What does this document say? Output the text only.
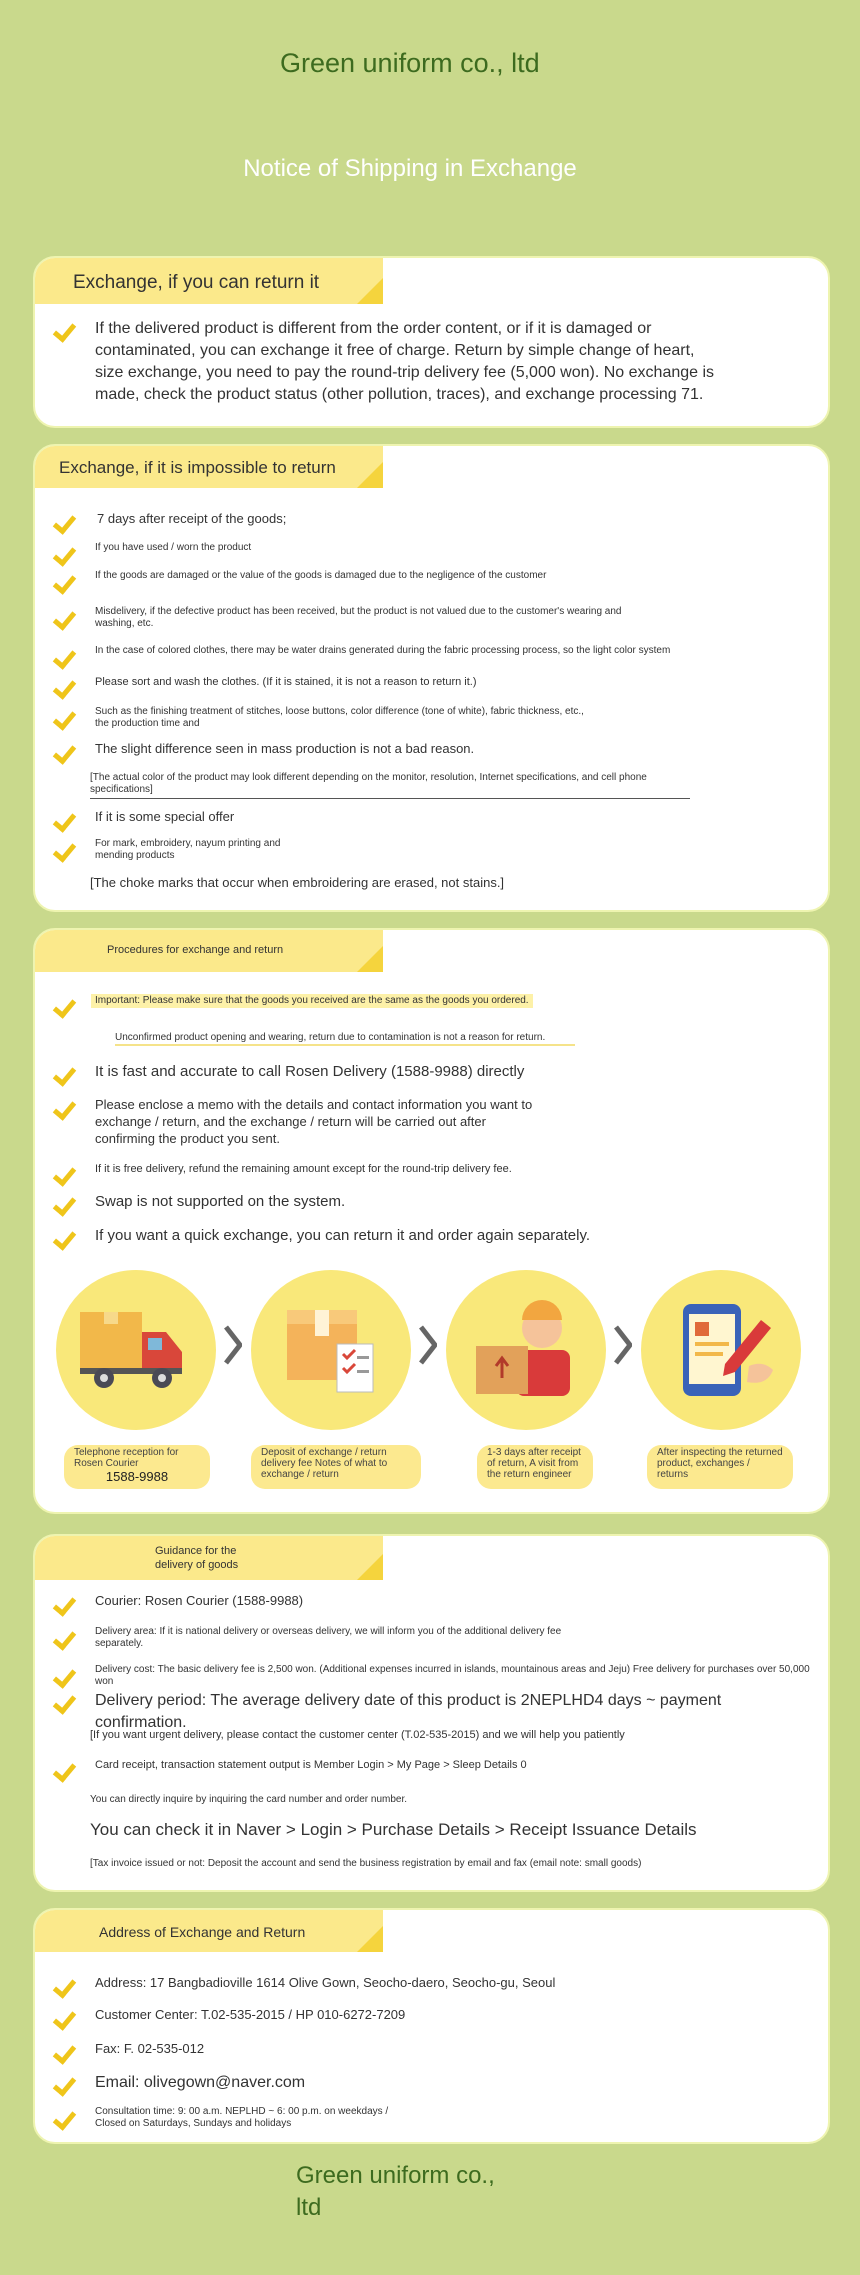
Green uniform co., ltd
Notice of Shipping in Exchange
Exchange, if you can return it
If the delivered product is different from the order content, or if it is damaged or contaminated, you can exchange it free of charge. Return by simple change of heart, size exchange, you need to pay the round-trip delivery fee (5,000 won). No exchange is made, check the product status (other pollution, traces), and exchange processing 71.
Exchange, if it is impossible to return
7 days after receipt of the goods;
If you have used / worn the product
If the goods are damaged or the value of the goods is damaged due to the negligence of the customer
Misdelivery, if the defective product has been received, but the product is not valued due to the customer's wearing and washing, etc.
In the case of colored clothes, there may be water drains generated during the fabric processing process, so the light color system
Please sort and wash the clothes. (If it is stained, it is not a reason to return it.)
Such as the finishing treatment of stitches, loose buttons, color difference (tone of white), fabric thickness, etc., the production time and
The slight difference seen in mass production is not a bad reason.
[The actual color of the product may look different depending on the monitor, resolution, Internet specifications, and cell phone specifications]
If it is some special offer
For mark, embroidery, nayum printing and mending products
[The choke marks that occur when embroidering are erased, not stains.]
Procedures for exchange and return
Important: Please make sure that the goods you received are the same as the goods you ordered.
Unconfirmed product opening and wearing, return due to contamination is not a reason for return.
It is fast and accurate to call Rosen Delivery (1588-9988) directly
Please enclose a memo with the details and contact information you want to exchange / return, and the exchange / return will be carried out after confirming the product you sent.
If it is free delivery, refund the remaining amount except for the round-trip delivery fee.
Swap is not supported on the system.
If you want a quick exchange, you can return it and order again separately.
Telephone reception for Rosen Courier
1588-9988
Deposit of exchange / return delivery fee Notes of what to exchange / return
1-3 days after receipt of return, A visit from the return engineer
After inspecting the returned product, exchanges / returns
Guidance for the delivery of goods
Courier: Rosen Courier (1588-9988)
Delivery area: If it is national delivery or overseas delivery, we will inform you of the additional delivery fee separately.
Delivery cost: The basic delivery fee is 2,500 won. (Additional expenses incurred in islands, mountainous areas and Jeju) Free delivery for purchases over 50,000 won
Delivery period: The average delivery date of this product is 2NEPLHD4 days ~ payment confirmation.
[If you want urgent delivery, please contact the customer center (T.02-535-2015) and we will help you patiently
Card receipt, transaction statement output is Member Login > My Page > Sleep Details 0
You can directly inquire by inquiring the card number and order number.
You can check it in Naver > Login > Purchase Details > Receipt Issuance Details
[Tax invoice issued or not: Deposit the account and send the business registration by email and fax (email note: small goods)
Address of Exchange and Return
Address: 17 Bangbadioville 1614 Olive Gown, Seocho-daero, Seocho-gu, Seoul
Customer Center: T.02-535-2015 / HP 010-6272-7209
Fax: F. 02-535-012
Email: olivegown@naver.com
Consultation time: 9: 00 a.m. NEPLHD ~ 6: 00 p.m. on weekdays / Closed on Saturdays, Sundays and holidays
Green uniform co., ltd
